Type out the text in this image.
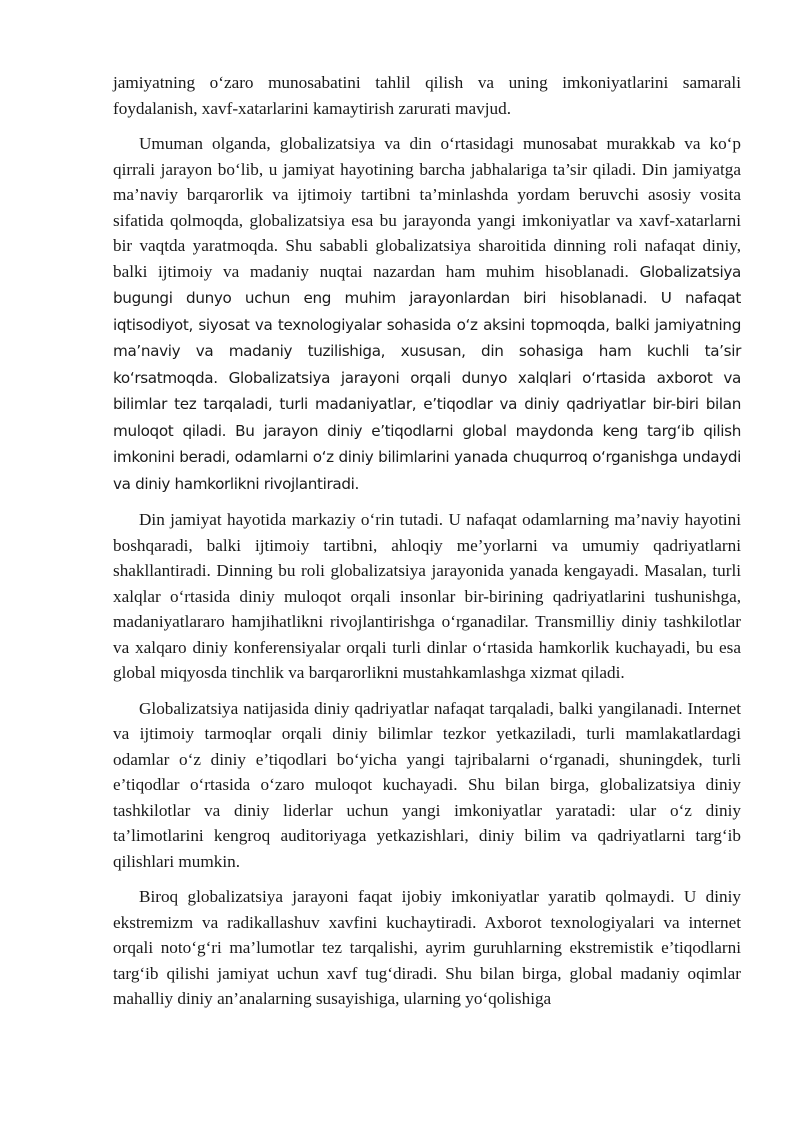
jamiyatning o‘zaro munosabatini tahlil qilish va uning imkoniyatlarini samarali foydalanish, xavf-xatarlarini kamaytirish zarurati mavjud.

Umuman olganda, globalizatsiya va din o‘rtasidagi munosabat murakkab va ko‘p qirrali jarayon bo‘lib, u jamiyat hayotining barcha jabhalariga ta’sir qiladi. Din jamiyatga ma’naviy barqarorlik va ijtimoiy tartibni ta’minlashda yordam beruvchi asosiy vosita sifatida qolmoqda, globalizatsiya esa bu jarayonda yangi imkoniyatlar va xavf-xatarlarni bir vaqtda yaratmoqda. Shu sababli globalizatsiya sharoitida dinning roli nafaqat diniy, balki ijtimoiy va madaniy nuqtai nazardan ham muhim hisoblanadi. Globalizatsiya bugungi dunyo uchun eng muhim jarayonlardan biri hisoblanadi. U nafaqat iqtisodiyot, siyosat va texnologiyalar sohasida o‘z aksini topmoqda, balki jamiyatning ma’naviy va madaniy tuzilishiga, xususan, din sohasiga ham kuchli ta’sir ko‘rsatmoqda. Globalizatsiya jarayoni orqali dunyo xalqlari o‘rtasida axborot va bilimlar tez tarqaladi, turli madaniyatlar, e’tiqodlar va diniy qadriyatlar bir-biri bilan muloqot qiladi. Bu jarayon diniy e’tiqodlarni global maydonda keng targ‘ib qilish imkonini beradi, odamlarni o‘z diniy bilimlarini yanada chuqurroq o‘rganishga undaydi va diniy hamkorlikni rivojlantiradi.

Din jamiyat hayotida markaziy o‘rin tutadi. U nafaqat odamlarning ma’naviy hayotini boshqaradi, balki ijtimoiy tartibni, ahloqiy me’yorlarni va umumiy qadriyatlarni shakllantiradi. Dinning bu roli globalizatsiya jarayonida yanada kengayadi. Masalan, turli xalqlar o‘rtasida diniy muloqot orqali insonlar bir-birining qadriyatlarini tushunishga, madaniyatlararo hamjihatlikni rivojlantirishga o‘rganadilar. Transmilliy diniy tashkilotlar va xalqaro diniy konferensiyalar orqali turli dinlar o‘rtasida hamkorlik kuchayadi, bu esa global miqyosda tinchlik va barqarorlikni mustahkamlashga xizmat qiladi.

Globalizatsiya natijasida diniy qadriyatlar nafaqat tarqaladi, balki yangilanadi. Internet va ijtimoiy tarmoqlar orqali diniy bilimlar tezkor yetkaziladi, turli mamlakatlardagi odamlar o‘z diniy e’tiqodlari bo‘yicha yangi tajribalarni o‘rganadi, shuningdek, turli e’tiqodlar o‘rtasida o‘zaro muloqot kuchayadi. Shu bilan birga, globalizatsiya diniy tashkilotlar va diniy liderlar uchun yangi imkoniyatlar yaratadi: ular o‘z diniy ta’limotlarini kengroq auditoriyaga yetkazishlari, diniy bilim va qadriyatlarni targ‘ib qilishlari mumkin.

Biroq globalizatsiya jarayoni faqat ijobiy imkoniyatlar yaratib qolmaydi. U diniy ekstremizm va radikallashuv xavfini kuchaytiradi. Axborot texnologiyalari va internet orqali noto‘g‘ri ma’lumotlar tez tarqalishi, ayrim guruhlarning ekstremistik e’tiqodlarni targ‘ib qilishi jamiyat uchun xavf tug‘diradi. Shu bilan birga, global madaniy oqimlar mahalliy diniy an’analarning susayishiga, ularning yo‘qolishiga
